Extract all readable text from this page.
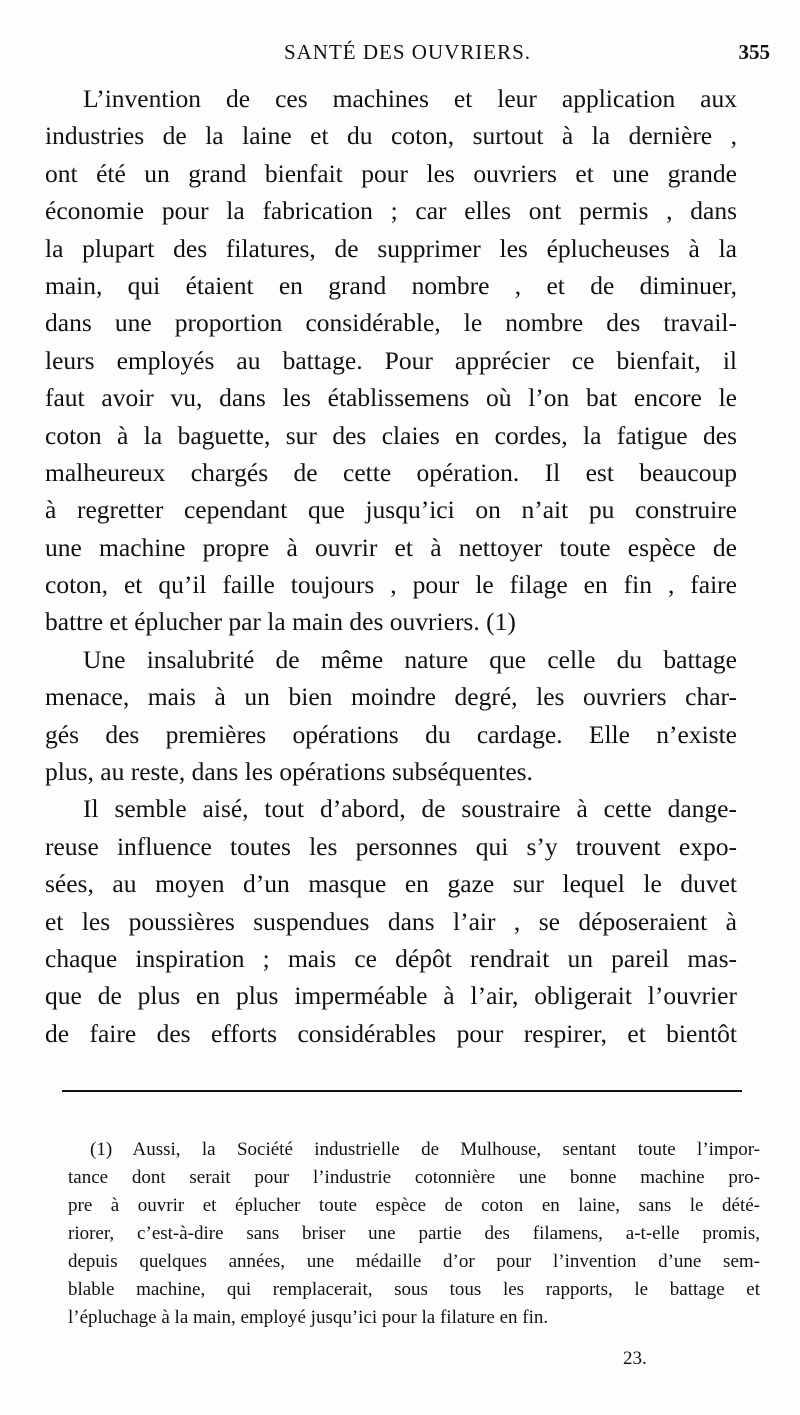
SANTÉ DES OUVRIERS.	355
L’invention de ces machines et leur application aux
industries de la laine et du coton, surtout à la dernière ,
ont été un grand bienfait pour les ouvriers et une grande
économie pour la fabrication ; car elles ont permis , dans
la plupart des filatures, de supprimer les éplucheuses à la
main, qui étaient en grand nombre , et de diminuer,
dans une proportion considérable, le nombre des travail-
leurs employés au battage. Pour apprécier ce bienfait, il
faut avoir vu, dans les établissemens où l’on bat encore le
coton à la baguette, sur des claies en cordes, la fatigue des
malheureux chargés de cette opération. Il est beaucoup
à regretter cependant que jusqu’ici on n’ait pu construire
une machine propre à ouvrir et à nettoyer toute espèce de
coton, et qu’il faille toujours , pour le filage en fin , faire
battre et éplucher par la main des ouvriers. (1)
Une insalubrité de même nature que celle du battage
menace, mais à un bien moindre degré, les ouvriers char-
gés des premières opérations du cardage. Elle n’existe
plus, au reste, dans les opérations subséquentes.
Il semble aisé, tout d’abord, de soustraire à cette dange-
reuse influence toutes les personnes qui s’y trouvent expo-
sées, au moyen d’un masque en gaze sur lequel le duvet
et les poussières suspendues dans l’air , se déposeraient à
chaque inspiration ; mais ce dépôt rendrait un pareil mas-
que de plus en plus imperméable à l’air, obligerait l’ouvrier
de faire des efforts considérables pour respirer, et bientôt
(1) Aussi, la Société industrielle de Mulhouse, sentant toute l’impor-
tance dont serait pour l’industrie cotonnière une bonne machine pro-
pre à ouvrir et éplucher toute espèce de coton en laine, sans le dété-
riorer, c’est-à-dire sans briser une partie des filamens, a-t-elle promis,
depuis quelques années, une médaille d’or pour l’invention d’une sem-
blable machine, qui remplacerait, sous tous les rapports, le battage et
l’épluchage à la main, employé jusqu’ici pour la filature en fin.
23.
